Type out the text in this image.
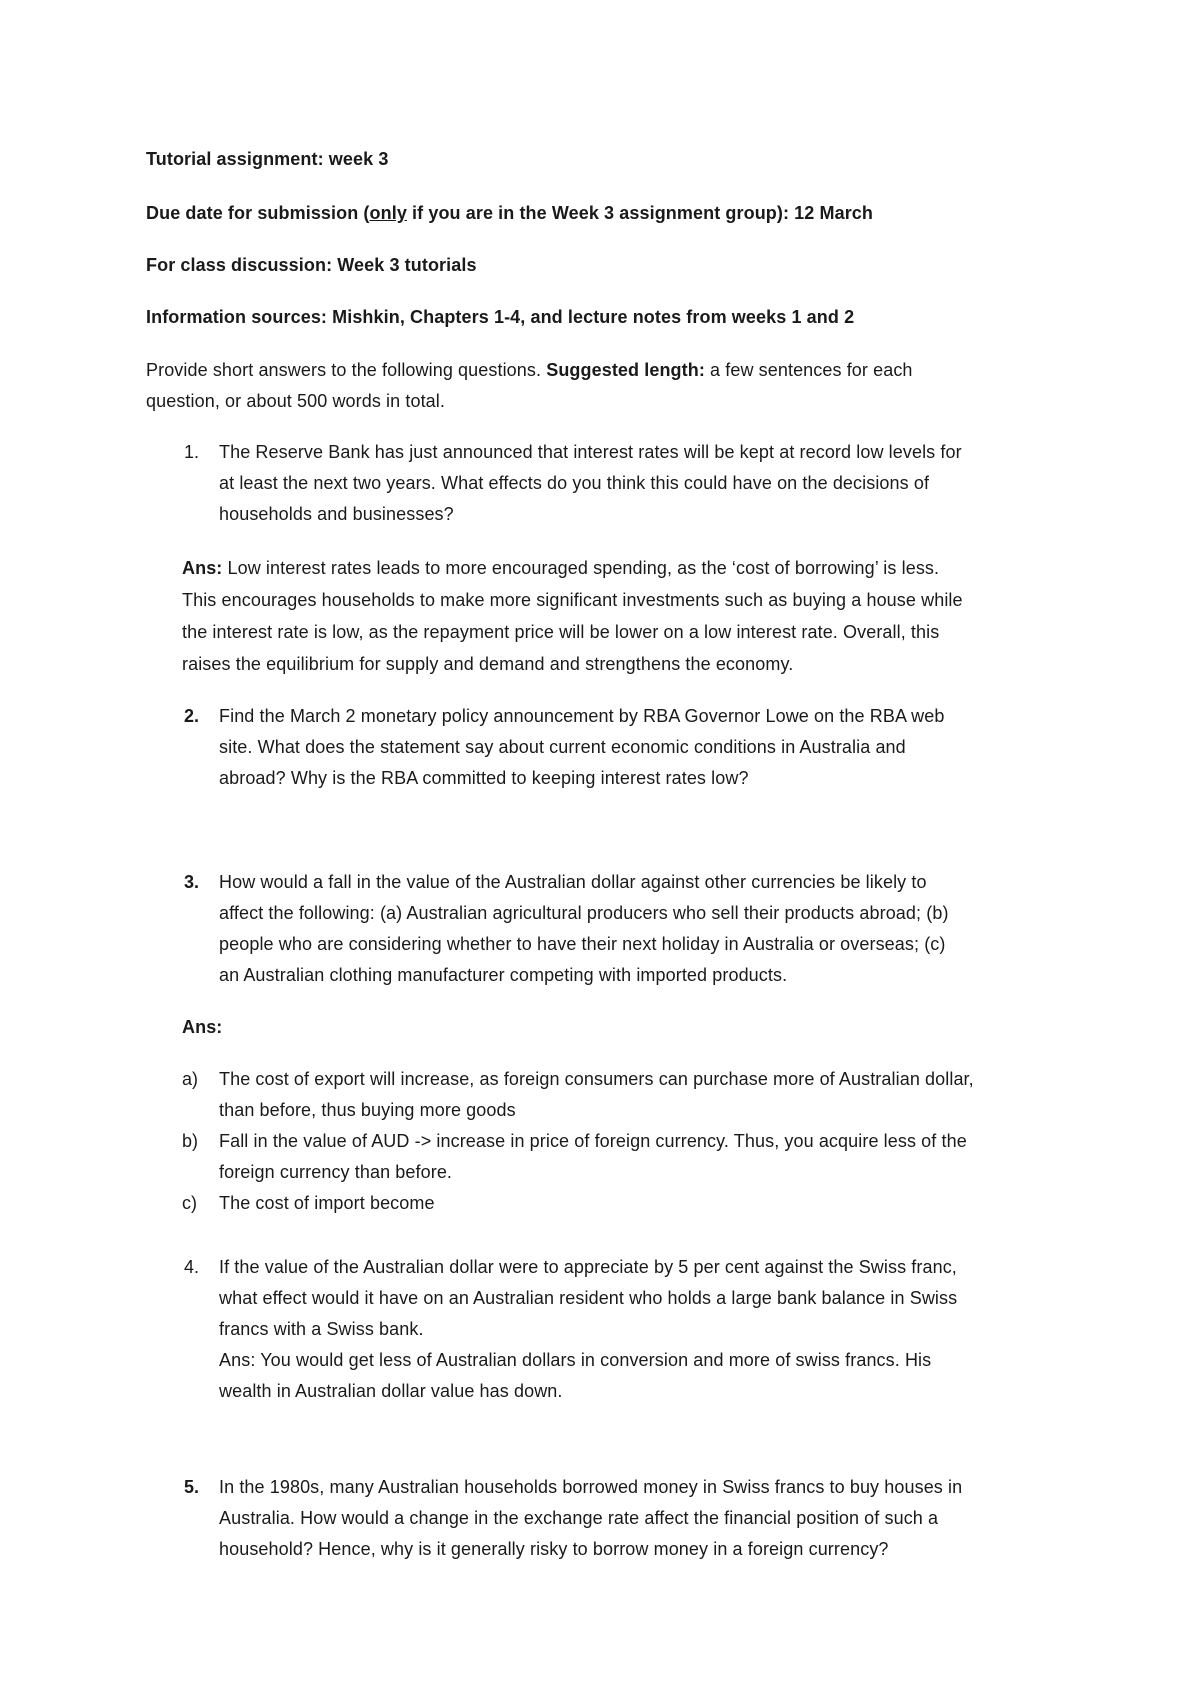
Tutorial assignment: week 3
Due date for submission (only if you are in the Week 3 assignment group): 12 March
For class discussion: Week 3 tutorials
Information sources: Mishkin, Chapters 1-4, and lecture notes from weeks 1 and 2
Provide short answers to the following questions. Suggested length: a few sentences for each
question, or about 500 words in total.
1. The Reserve Bank has just announced that interest rates will be kept at record low levels for
at least the next two years. What effects do you think this could have on the decisions of
households and businesses?
Ans: Low interest rates leads to more encouraged spending, as the ‘cost of borrowing’ is less.
This encourages households to make more significant investments such as buying a house while
the interest rate is low, as the repayment price will be lower on a low interest rate. Overall, this
raises the equilibrium for supply and demand and strengthens the economy.
2. Find the March 2 monetary policy announcement by RBA Governor Lowe on the RBA web
site. What does the statement say about current economic conditions in Australia and
abroad? Why is the RBA committed to keeping interest rates low?
3. How would a fall in the value of the Australian dollar against other currencies be likely to
affect the following: (a) Australian agricultural producers who sell their products abroad; (b)
people who are considering whether to have their next holiday in Australia or overseas; (c)
an Australian clothing manufacturer competing with imported products.
Ans:
a) The cost of export will increase, as foreign consumers can purchase more of Australian dollar,
than before, thus buying more goods
b) Fall in the value of AUD -> increase in price of foreign currency. Thus, you acquire less of the
foreign currency than before.
c) The cost of import become
4. If the value of the Australian dollar were to appreciate by 5 per cent against the Swiss franc,
what effect would it have on an Australian resident who holds a large bank balance in Swiss
francs with a Swiss bank.
Ans: You would get less of Australian dollars in conversion and more of swiss francs. His
wealth in Australian dollar value has down.
5. In the 1980s, many Australian households borrowed money in Swiss francs to buy houses in
Australia. How would a change in the exchange rate affect the financial position of such a
household? Hence, why is it generally risky to borrow money in a foreign currency?
